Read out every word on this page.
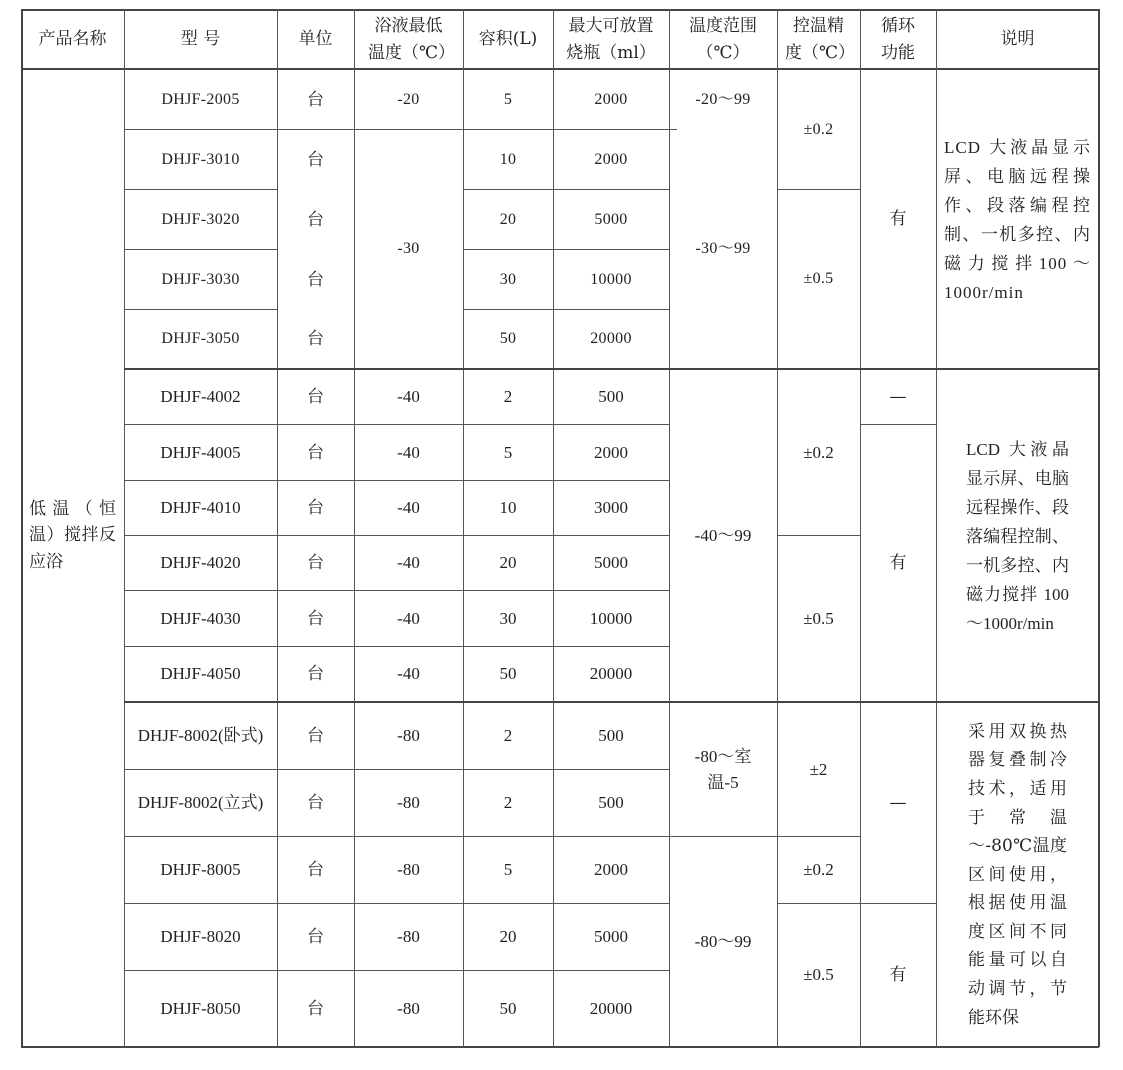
产品名称	型 号	单位
浴液最低温度（℃）
容积(L)
最大可放置烧瓶（ml）
温度范围（℃）
控温精度（℃）
循环功能
说明
低温（恒温）搅拌反应浴
DHJF-2005
DHJF-3010
DHJF-3020
DHJF-3030
DHJF-3050
台
台
台
台
台
-20
-30
5
10
20
30
50
2000
2000
5000
10000
20000
-20～99
-30～99
±0.2
±0.5
有
LCD 大液晶显示屏、电脑远程操作、段落编程控制、一机多控、内磁力搅拌100～1000r/min
DHJF-4002
DHJF-4005
DHJF-4010
DHJF-4020
DHJF-4030
DHJF-4050
台
台
台
台
台
台
-40
-40
-40
-40
-40
-40
2
5
10
20
30
50
500
2000
3000
5000
10000
20000
-40～99
±0.2
±0.5
—
有
LCD 大液晶显示屏、电脑远程操作、段落编程控制、一机多控、内磁力搅拌 100 ～1000r/min
DHJF-8002(卧式)
DHJF-8002(立式)
DHJF-8005
DHJF-8020
DHJF-8050
台
台
台
台
台
-80
-80
-80
-80
-80
2
2
5
20
50
500
500
2000
5000
20000
-80～室温-5
-80～99
±2
±0.2
±0.5
—
有
采用双换热器复叠制冷技术，适用于常温～-80℃温度区间使用，根据使用温度区间不同能量可以自动调节，节能环保
